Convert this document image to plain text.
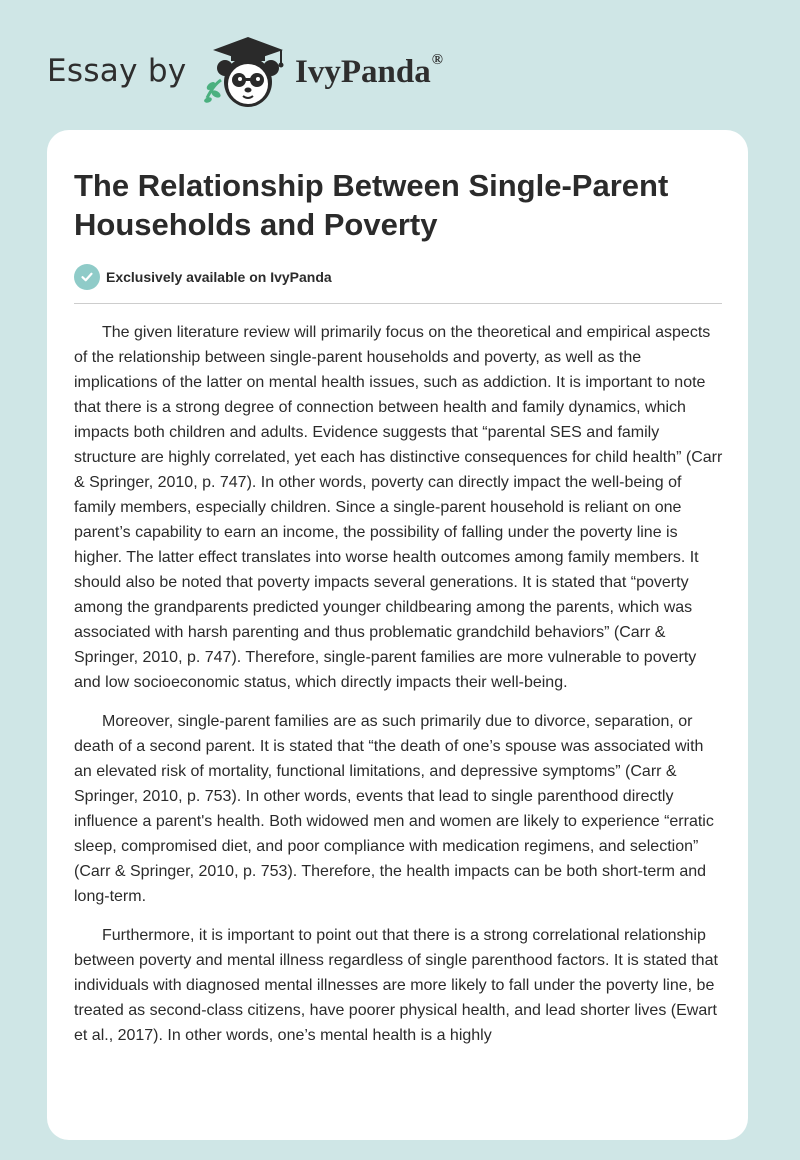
Essay by	IvyPanda®
The Relationship Between Single-Parent Households and Poverty
Exclusively available on IvyPanda

The given literature review will primarily focus on the theoretical and empirical aspects of the relationship between single-parent households and poverty, as well as the implications of the latter on mental health issues, such as addiction. It is important to note that there is a strong degree of connection between health and family dynamics, which impacts both children and adults. Evidence suggests that “parental SES and family structure are highly correlated, yet each has distinctive consequences for child health” (Carr & Springer, 2010, p. 747). In other words, poverty can directly impact the well-being of family members, especially children. Since a single-parent household is reliant on one parent’s capability to earn an income, the possibility of falling under the poverty line is higher. The latter effect translates into worse health outcomes among family members. It should also be noted that poverty impacts several generations. It is stated that “poverty among the grandparents predicted younger childbearing among the parents, which was associated with harsh parenting and thus problematic grandchild behaviors” (Carr & Springer, 2010, p. 747). Therefore, single-parent families are more vulnerable to poverty and low socioeconomic status, which directly impacts their well-being.

Moreover, single-parent families are as such primarily due to divorce, separation, or death of a second parent. It is stated that “the death of one’s spouse was associated with an elevated risk of mortality, functional limitations, and depressive symptoms” (Carr & Springer, 2010, p. 753). In other words, events that lead to single parenthood directly influence a parent's health. Both widowed men and women are likely to experience “erratic sleep, compromised diet, and poor compliance with medication regimens, and selection” (Carr & Springer, 2010, p. 753). Therefore, the health impacts can be both short-term and long-term.

Furthermore, it is important to point out that there is a strong correlational relationship between poverty and mental illness regardless of single parenthood factors. It is stated that individuals with diagnosed mental illnesses are more likely to fall under the poverty line, be treated as second-class citizens, have poorer physical health, and lead shorter lives (Ewart et al., 2017). In other words, one’s mental health is a highly
